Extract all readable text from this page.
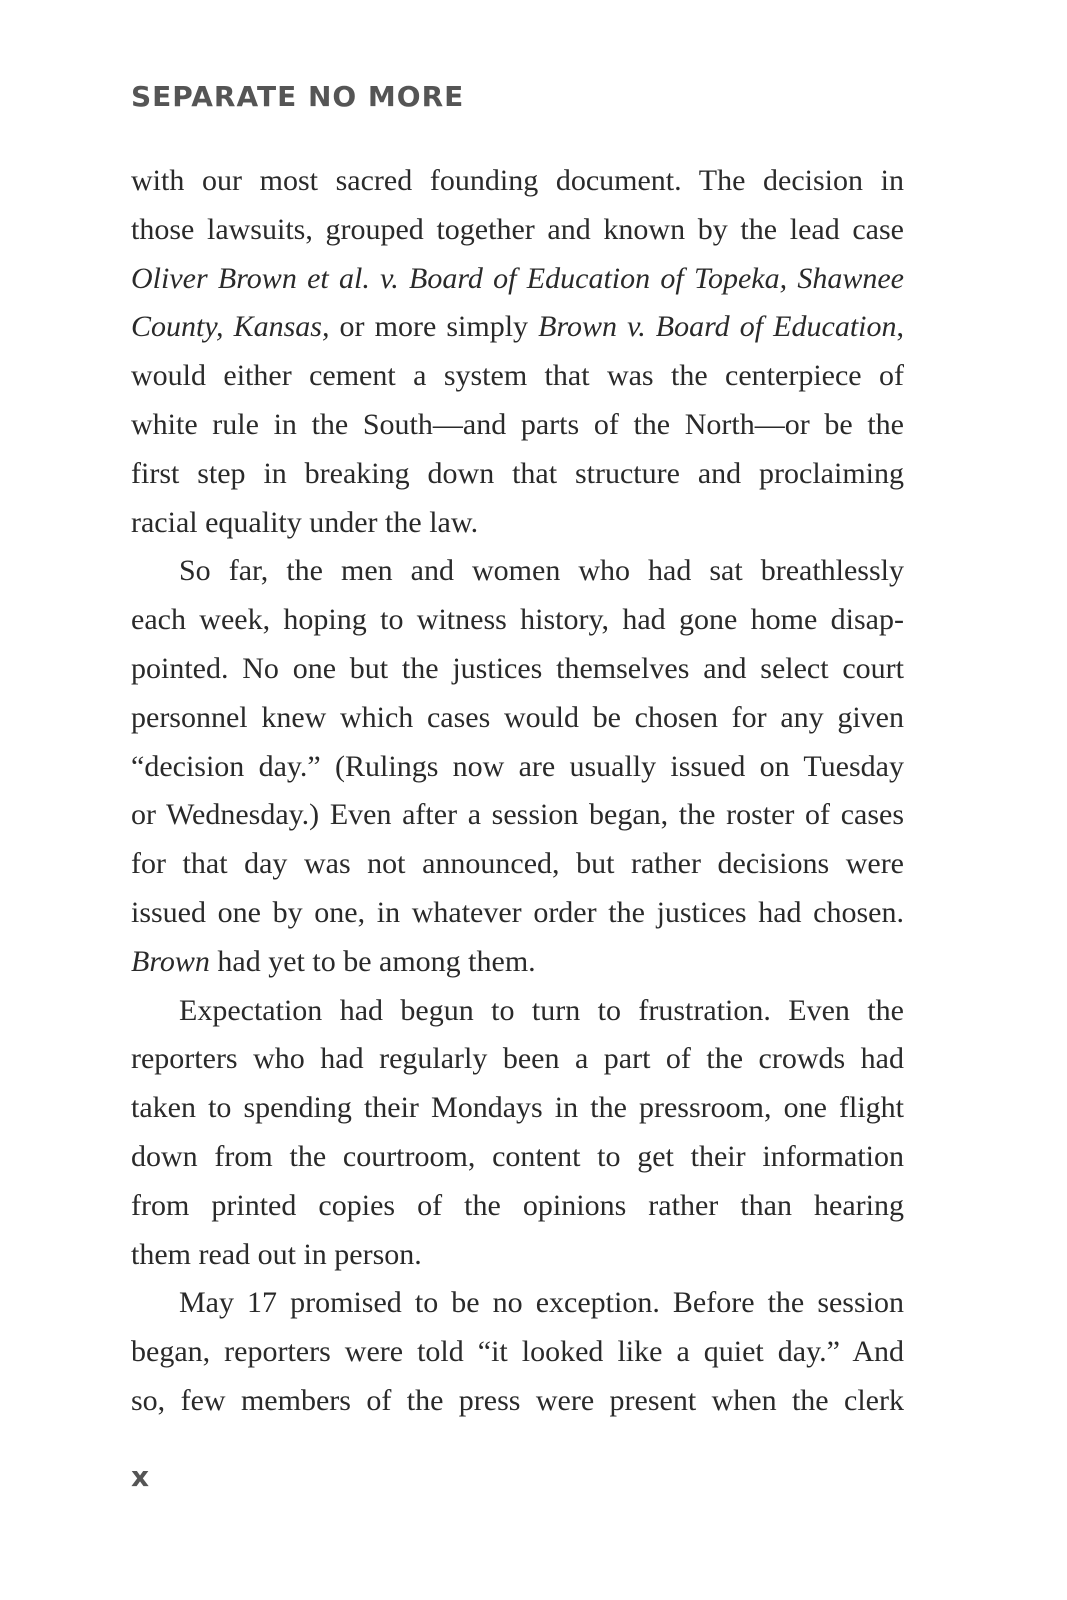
SEPARATE NO MORE
with our most sacred founding document. The decision in
those lawsuits, grouped together and known by the lead case
Oliver Brown et al. v. Board of Education of Topeka, Shawnee
County, Kansas, or more simply Brown v. Board of Education,
would either cement a system that was the centerpiece of
white rule in the South—and parts of the North—or be the
first step in breaking down that structure and proclaiming
racial equality under the law.
So far, the men and women who had sat breathlessly
each week, hoping to witness history, had gone home disap-
pointed. No one but the justices themselves and select court
personnel knew which cases would be chosen for any given
“decision day.” (Rulings now are usually issued on Tuesday
or Wednesday.) Even after a session began, the roster of cases
for that day was not announced, but rather decisions were
issued one by one, in whatever order the justices had chosen.
Brown had yet to be among them.
Expectation had begun to turn to frustration. Even the
reporters who had regularly been a part of the crowds had
taken to spending their Mondays in the pressroom, one flight
down from the courtroom, content to get their information
from printed copies of the opinions rather than hearing
them read out in person.
May 17 promised to be no exception. Before the session
began, reporters were told “it looked like a quiet day.” And
so, few members of the press were present when the clerk
x
